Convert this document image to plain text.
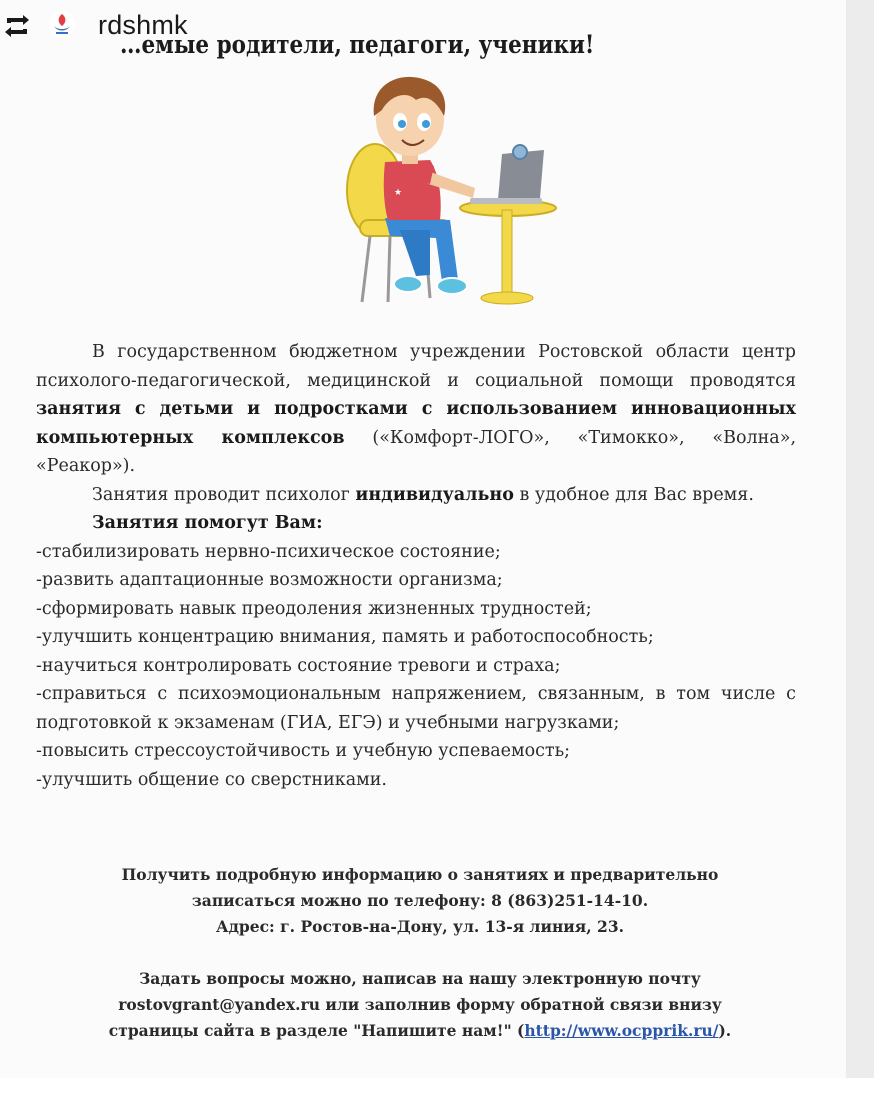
rdshmk
…емые родители, педагоги, ученики!
★
В государственном бюджетном учреждении Ростовской области центр психолого-педагогической, медицинской и социальной помощи проводятся занятия с детьми и подростками с использованием инновационных компьютерных комплексов («Комфорт-ЛОГО», «Тимокко», «Волна», «Реакор»).
Занятия проводит психолог индивидуально в удобное для Вас время.
Занятия помогут Вам:
-стабилизировать нервно-психическое состояние;
-развить адаптационные возможности организма;
-сформировать навык преодоления жизненных трудностей;
-улучшить концентрацию внимания, память и работоспособность;
-научиться контролировать состояние тревоги и страха;
-справиться с психоэмоциональным напряжением, связанным, в том числе с подготовкой к экзаменам (ГИА, ЕГЭ) и учебными нагрузками;
-повысить стрессоустойчивость и учебную успеваемость;
-улучшить общение со сверстниками.
Получить подробную информацию о занятиях и предварительно
записаться можно по телефону: 8 (863)251-14-10.
Адрес: г. Ростов-на-Дону, ул. 13-я линия, 23.
Задать вопросы можно, написав на нашу электронную почту
rostovgrant@yandex.ru или заполнив форму обратной связи внизу
страницы сайта в разделе "Напишите нам!" (http://www.ocpprik.ru/).
